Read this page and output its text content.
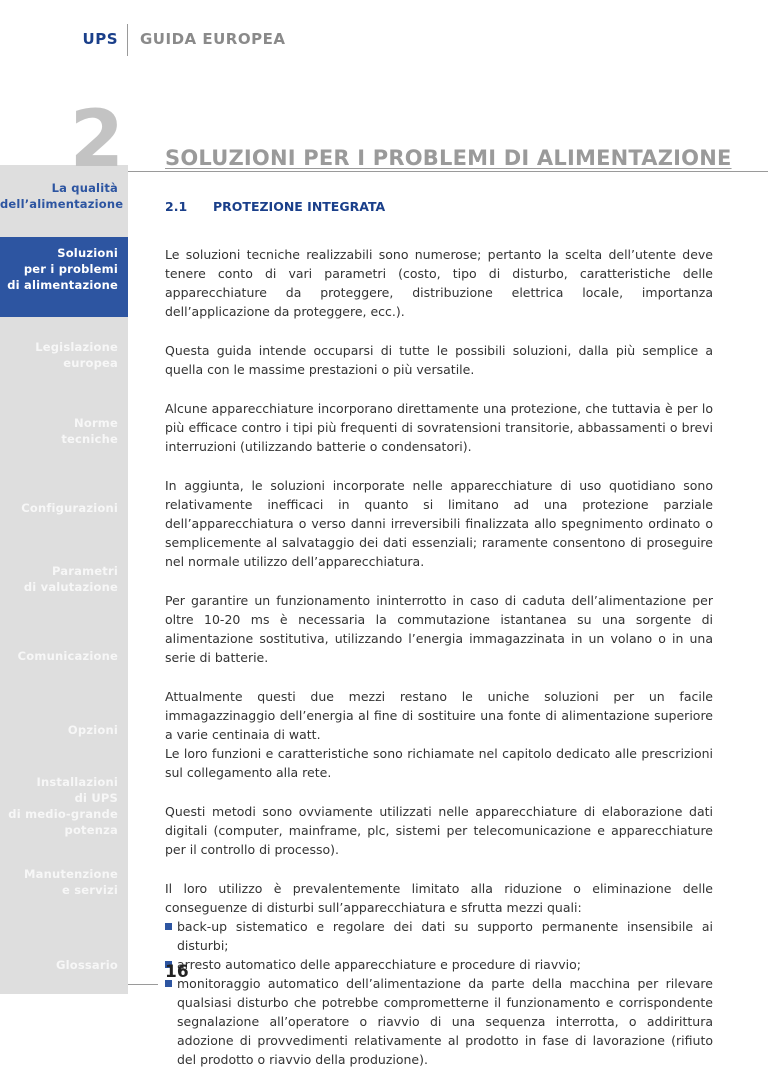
UPS GUIDA EUROPEA
2
La qualità
dell’alimentazione
Soluzioni
per i problemi
di alimentazione
Legislazione
europea
Norme
tecniche
Configurazioni
Parametri
di valutazione
Comunicazione
Opzioni
Installazioni
di UPS
di medio-grande
potenza
Manutenzione
e servizi
Glossario
SOLUZIONI PER I PROBLEMI DI ALIMENTAZIONE
2.1 PROTEZIONE INTEGRATA

Le soluzioni tecniche realizzabili sono numerose; pertanto la scelta dell’utente deve tenere conto di vari parametri (costo, tipo di disturbo, caratteristiche delle apparecchiature da proteggere, distribuzione elettrica locale, importanza dell’applicazione da proteggere, ecc.).

Questa guida intende occuparsi di tutte le possibili soluzioni, dalla più semplice a quella con le massime prestazioni o più versatile.

Alcune apparecchiature incorporano direttamente una protezione, che tuttavia è per lo più efficace contro i tipi più frequenti di sovratensioni transitorie, abbassamenti o brevi interruzioni (utilizzando batterie o condensatori).

In aggiunta, le soluzioni incorporate nelle apparecchiature di uso quotidiano sono relativamente inefficaci in quanto si limitano ad una protezione parziale dell’apparecchiatura o verso danni irreversibili finalizzata allo spegnimento ordinato o semplicemente al salvataggio dei dati essenziali; raramente consentono di proseguire nel normale utilizzo dell’apparecchiatura.

Per garantire un funzionamento ininterrotto in caso di caduta dell’alimentazione per oltre 10-20 ms è necessaria la commutazione istantanea su una sorgente di alimentazione sostitutiva, utilizzando l’energia immagazzinata in un volano o in una serie di batterie.

Attualmente questi due mezzi restano le uniche soluzioni per un facile immagazzinaggio dell’energia al fine di sostituire una fonte di alimentazione superiore a varie centinaia di watt.

Le loro funzioni e caratteristiche sono richiamate nel capitolo dedicato alle prescrizioni sul collegamento alla rete.

Questi metodi sono ovviamente utilizzati nelle apparecchiature di elaborazione dati digitali (computer, mainframe, plc, sistemi per telecomunicazione e apparecchiature per il controllo di processo).

Il loro utilizzo è prevalentemente limitato alla riduzione o eliminazione delle conseguenze di disturbi sull’apparecchiatura e sfrutta mezzi quali:

back-up sistematico e regolare dei dati su supporto permanente insensibile ai disturbi;
arresto automatico delle apparecchiature e procedure di riavvio;
monitoraggio automatico dell’alimentazione da parte della macchina per rilevare qualsiasi disturbo che potrebbe comprometterne il funzionamento e corrispondente segnalazione all’operatore o riavvio di una sequenza interrotta, o addirittura adozione di provvedimenti relativamente al prodotto in fase di lavorazione (rifiuto del prodotto o riavvio della produzione).
16
